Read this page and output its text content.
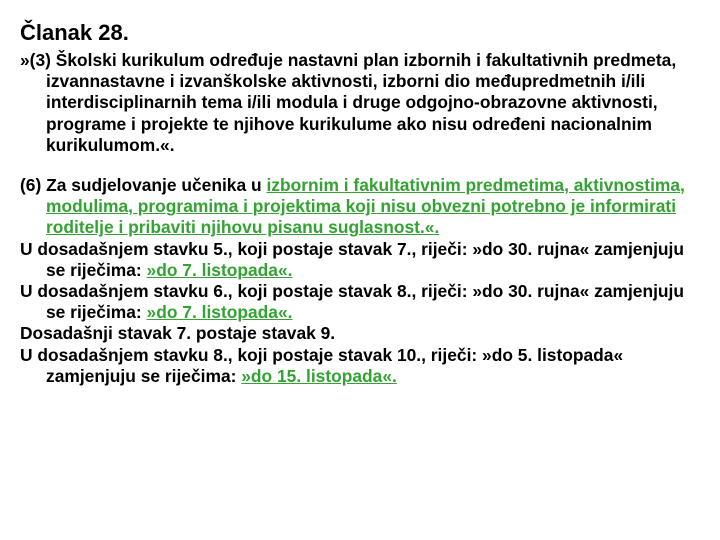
Članak 28.

»(3) Školski kurikulum određuje nastavni plan izbornih i fakultativnih predmeta, izvannastavne i izvanškolske aktivnosti, izborni dio međupredmetnih i/ili interdisciplinarnih tema i/ili modula i druge odgojno-obrazovne aktivnosti, programe i projekte te njihove kurikulume ako nisu određeni nacionalnim kurikulumom.«.

(6) Za sudjelovanje učenika u izbornim i fakultativnim predmetima, aktivnostima, modulima, programima i projektima koji nisu obvezni potrebno je informirati roditelje i pribaviti njihovu pisanu suglasnost.«.

U dosadašnjem stavku 5., koji postaje stavak 7., riječi: »do 30. rujna« zamjenjuju se riječima: »do 7. listopada«.

U dosadašnjem stavku 6., koji postaje stavak 8., riječi: »do 30. rujna« zamjenjuju se riječima: »do 7. listopada«.

Dosadašnji stavak 7. postaje stavak 9.

U dosadašnjem stavku 8., koji postaje stavak 10., riječi: »do 5. listopada« zamjenjuju se riječima: »do 15. listopada«.
